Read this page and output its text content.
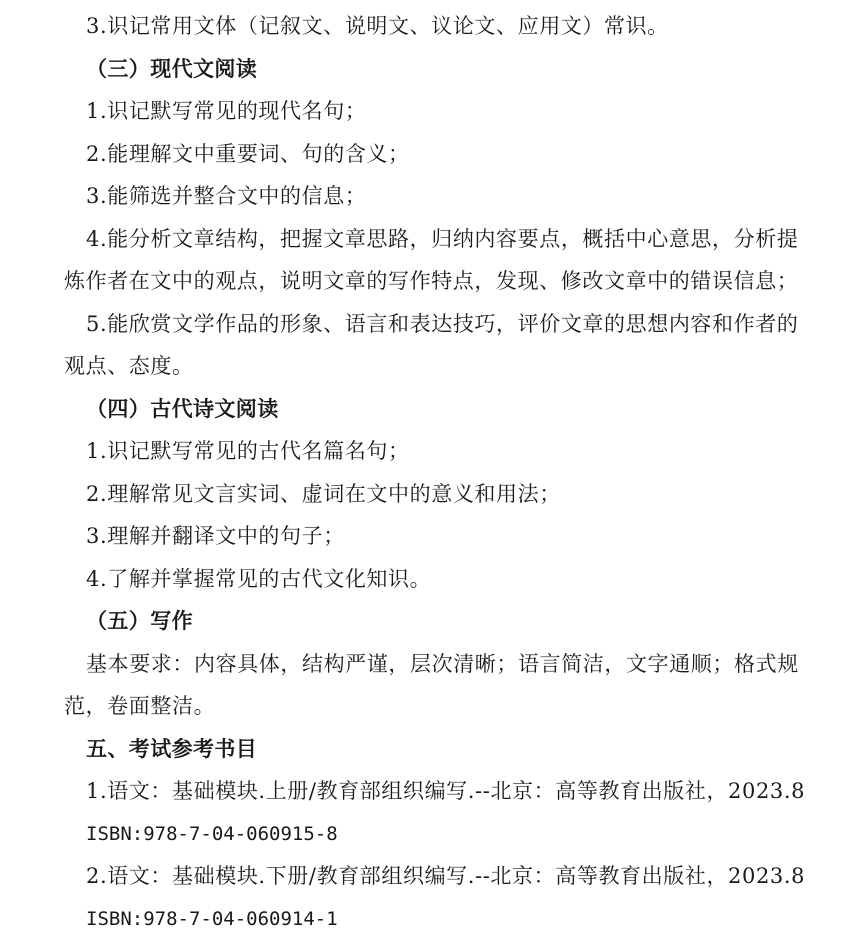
3.识记常用文体（记叙文、说明文、议论文、应用文）常识。
（三）现代文阅读
1.识记默写常见的现代名句；
2.能理解文中重要词、句的含义；
3.能筛选并整合文中的信息；
4.能分析文章结构，把握文章思路，归纳内容要点，概括中心意思，分析提
炼作者在文中的观点，说明文章的写作特点，发现、修改文章中的错误信息；
5.能欣赏文学作品的形象、语言和表达技巧，评价文章的思想内容和作者的
观点、态度。
（四）古代诗文阅读
1.识记默写常见的古代名篇名句；
2.理解常见文言实词、虚词在文中的意义和用法；
3.理解并翻译文中的句子；
4.了解并掌握常见的古代文化知识。
（五）写作
基本要求：内容具体，结构严谨，层次清晰；语言简洁，文字通顺；格式规
范，卷面整洁。
五、考试参考书目
1.语文：基础模块.上册/教育部组织编写.--北京：高等教育出版社，2023.8
ISBN:978-7-04-060915-8
2.语文：基础模块.下册/教育部组织编写.--北京：高等教育出版社，2023.8
ISBN:978-7-04-060914-1
